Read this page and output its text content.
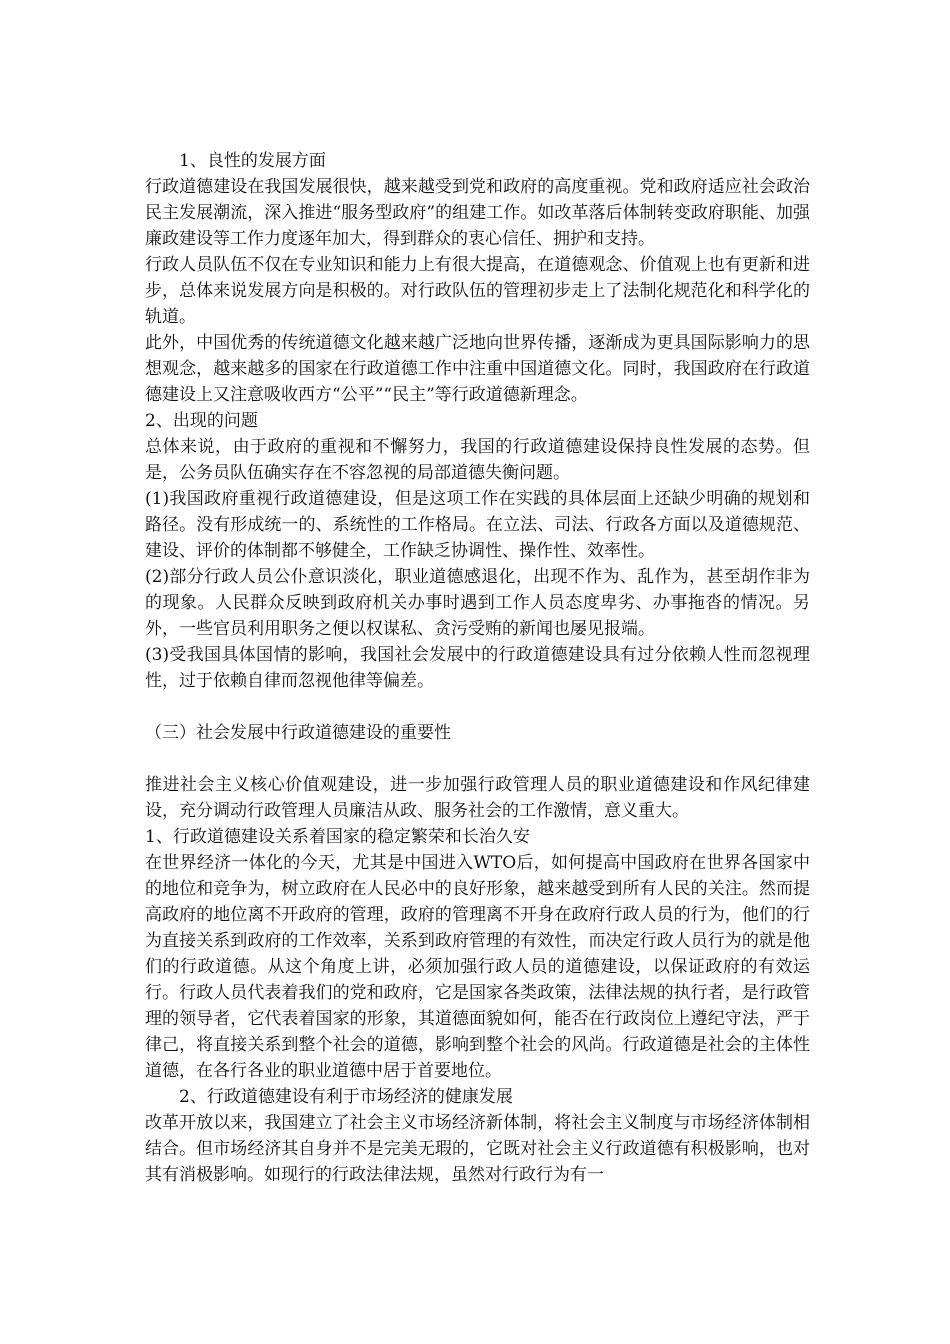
1、良性的发展方面

行政道德建设在我国发展很快，越来越受到党和政府的高度重视。党和政府适应社会政治民主发展潮流，深入推进“服务型政府”的组建工作。如改革落后体制转变政府职能、加强廉政建设等工作力度逐年加大，得到群众的衷心信任、拥护和支持。

行政人员队伍不仅在专业知识和能力上有很大提高，在道德观念、价值观上也有更新和进步，总体来说发展方向是积极的。对行政队伍的管理初步走上了法制化规范化和科学化的轨道。

此外，中国优秀的传统道德文化越来越广泛地向世界传播，逐渐成为更具国际影响力的思想观念，越来越多的国家在行政道德工作中注重中国道德文化。同时，我国政府在行政道德建设上又注意吸收西方“公平”“民主”等行政道德新理念。

2、出现的问题

总体来说，由于政府的重视和不懈努力，我国的行政道德建设保持良性发展的态势。但是，公务员队伍确实存在不容忽视的局部道德失衡问题。

(1)我国政府重视行政道德建设，但是这项工作在实践的具体层面上还缺少明确的规划和路径。没有形成统一的、系统性的工作格局。在立法、司法、行政各方面以及道德规范、建设、评价的体制都不够健全，工作缺乏协调性、操作性、效率性。

(2)部分行政人员公仆意识淡化，职业道德感退化，出现不作为、乱作为，甚至胡作非为的现象。人民群众反映到政府机关办事时遇到工作人员态度卑劣、办事拖沓的情况。另外，一些官员利用职务之便以权谋私、贪污受贿的新闻也屡见报端。

(3)受我国具体国情的影响，我国社会发展中的行政道德建设具有过分依赖人性而忽视理性，过于依赖自律而忽视他律等偏差。

（三）社会发展中行政道德建设的重要性

推进社会主义核心价值观建设，进一步加强行政管理人员的职业道德建设和作风纪律建设，充分调动行政管理人员廉洁从政、服务社会的工作激情，意义重大。

1、行政道德建设关系着国家的稳定繁荣和长治久安

在世界经济一体化的今天，尤其是中国进入WTO后，如何提高中国政府在世界各国家中的地位和竞争为，树立政府在人民必中的良好形象，越来越受到所有人民的关注。然而提高政府的地位离不开政府的管理，政府的管理离不开身在政府行政人员的行为，他们的行为直接关系到政府的工作效率，关系到政府管理的有效性，而决定行政人员行为的就是他们的行政道德。从这个角度上讲，必须加强行政人员的道德建设，以保证政府的有效运行。行政人员代表着我们的党和政府，它是国家各类政策，法律法规的执行者，是行政管理的领导者，它代表着国家的形象，其道德面貌如何，能否在行政岗位上遵纪守法，严于律己，将直接关系到整个社会的道德，影响到整个社会的风尚。行政道德是社会的主体性道德，在各行各业的职业道德中居于首要地位。

2、行政道德建设有利于市场经济的健康发展

改革开放以来，我国建立了社会主义市场经济新体制，将社会主义制度与市场经济体制相结合。但市场经济其自身并不是完美无瑕的，它既对社会主义行政道德有积极影响，也对其有消极影响。如现行的行政法律法规，虽然对行政行为有一
